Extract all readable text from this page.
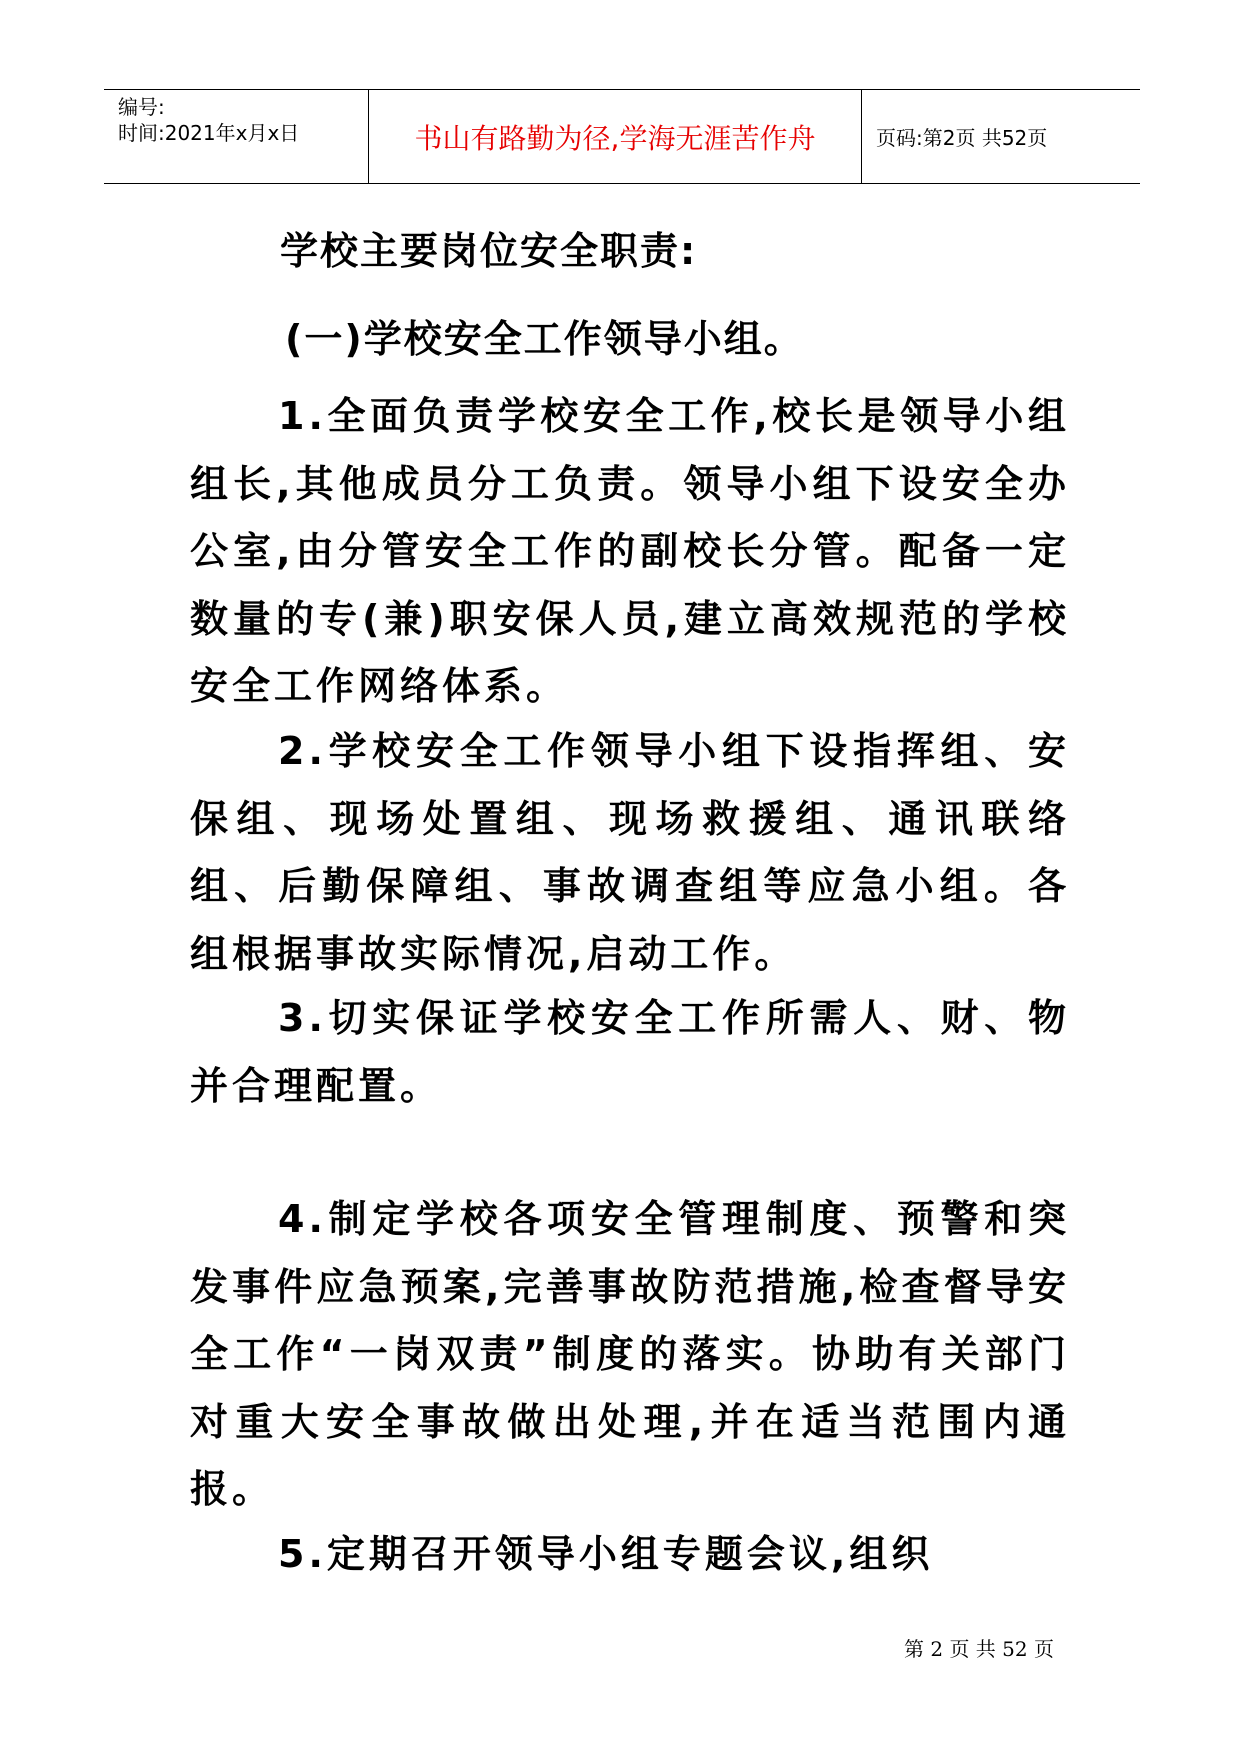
编号:
时间:2021年x月x日	书山有路勤为径,学海无涯苦作舟	页码:第2页 共52页
学校主要岗位安全职责:
(一)学校安全工作领导小组。
1.全面负责学校安全工作,校长是领导小组组长,其他成员分工负责。领导小组下设安全办公室,由分管安全工作的副校长分管。配备一定数量的专(兼)职安保人员,建立高效规范的学校安全工作网络体系。
2.学校安全工作领导小组下设指挥组、安保组、现场处置组、现场救援组、通讯联络组、后勤保障组、事故调查组等应急小组。各组根据事故实际情况,启动工作。
3.切实保证学校安全工作所需人、财、物并合理配置。
4.制定学校各项安全管理制度、预警和突发事件应急预案,完善事故防范措施,检查督导安全工作“一岗双责”制度的落实。协助有关部门对重大安全事故做出处理,并在适当范围内通报。
5.定期召开领导小组专题会议,组织
第 2 页 共 52 页
